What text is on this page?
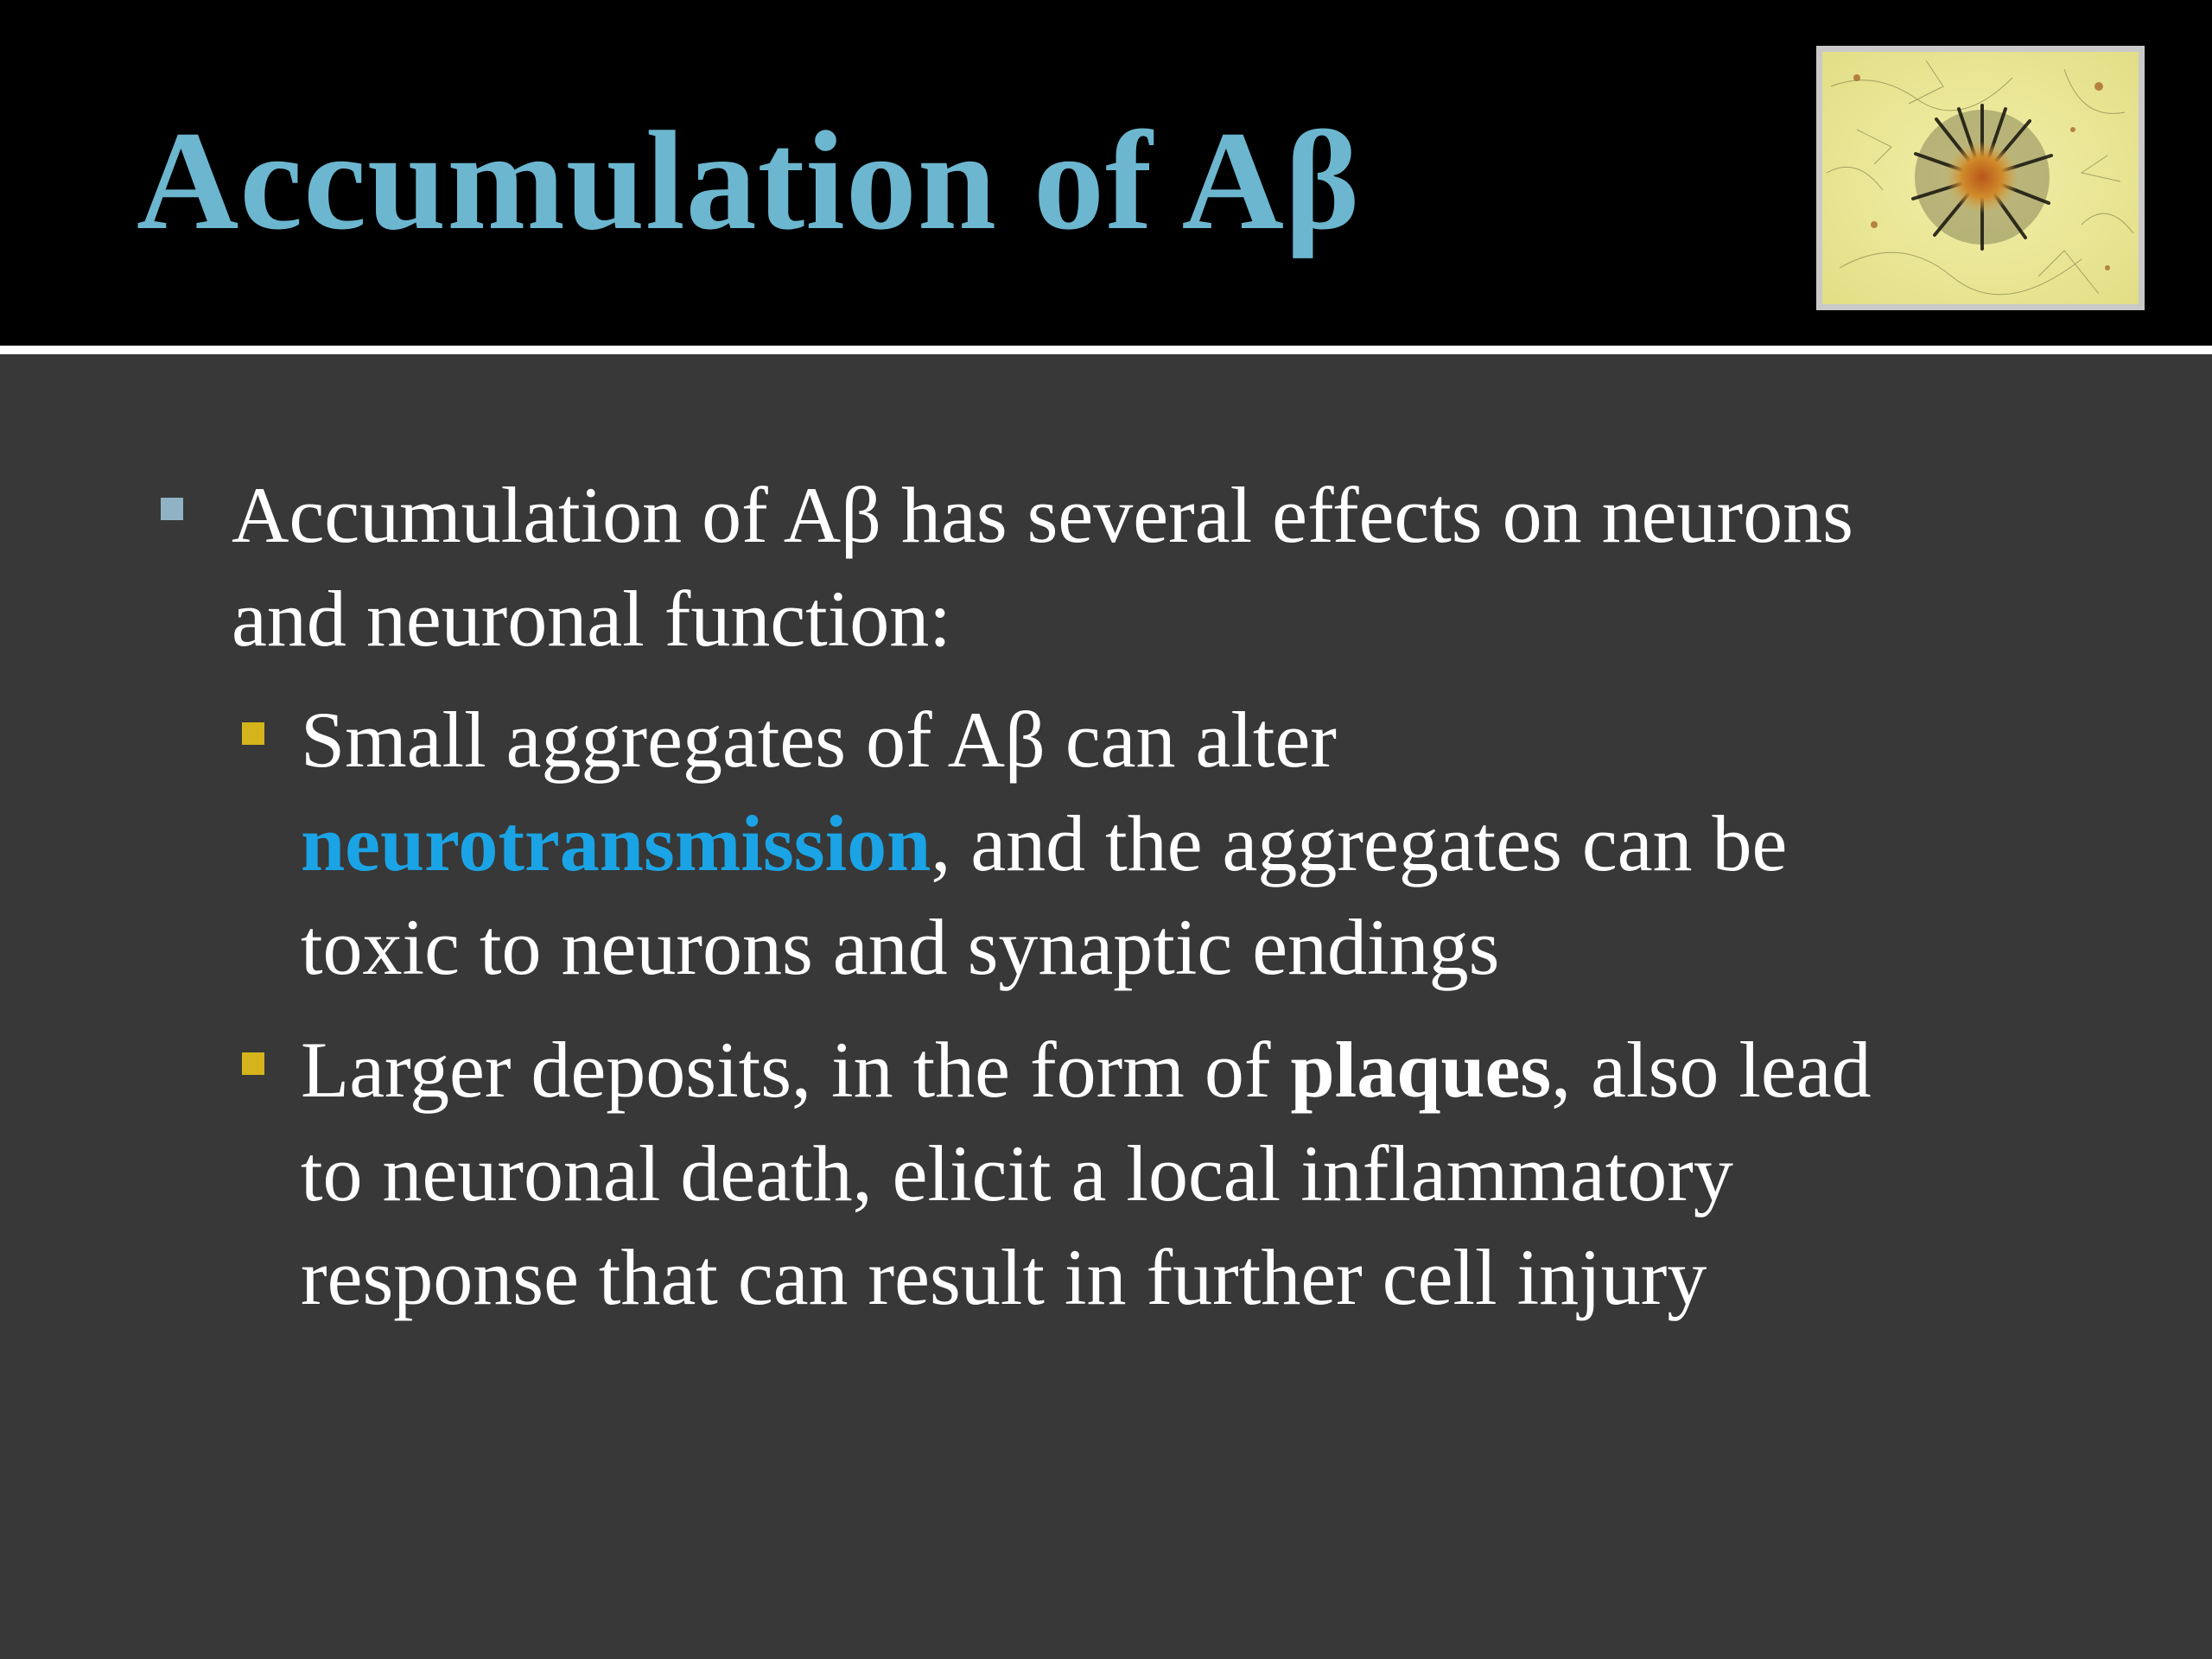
Accumulation of Aβ
Accumulation of Aβ has several effects on neurons
and neuronal function:
Small aggregates of Aβ can alter
neurotransmission, and the aggregates can be
toxic to neurons and synaptic endings
Larger deposits, in the form of plaques, also lead
to neuronal death, elicit a local inflammatory
response that can result in further cell injury
